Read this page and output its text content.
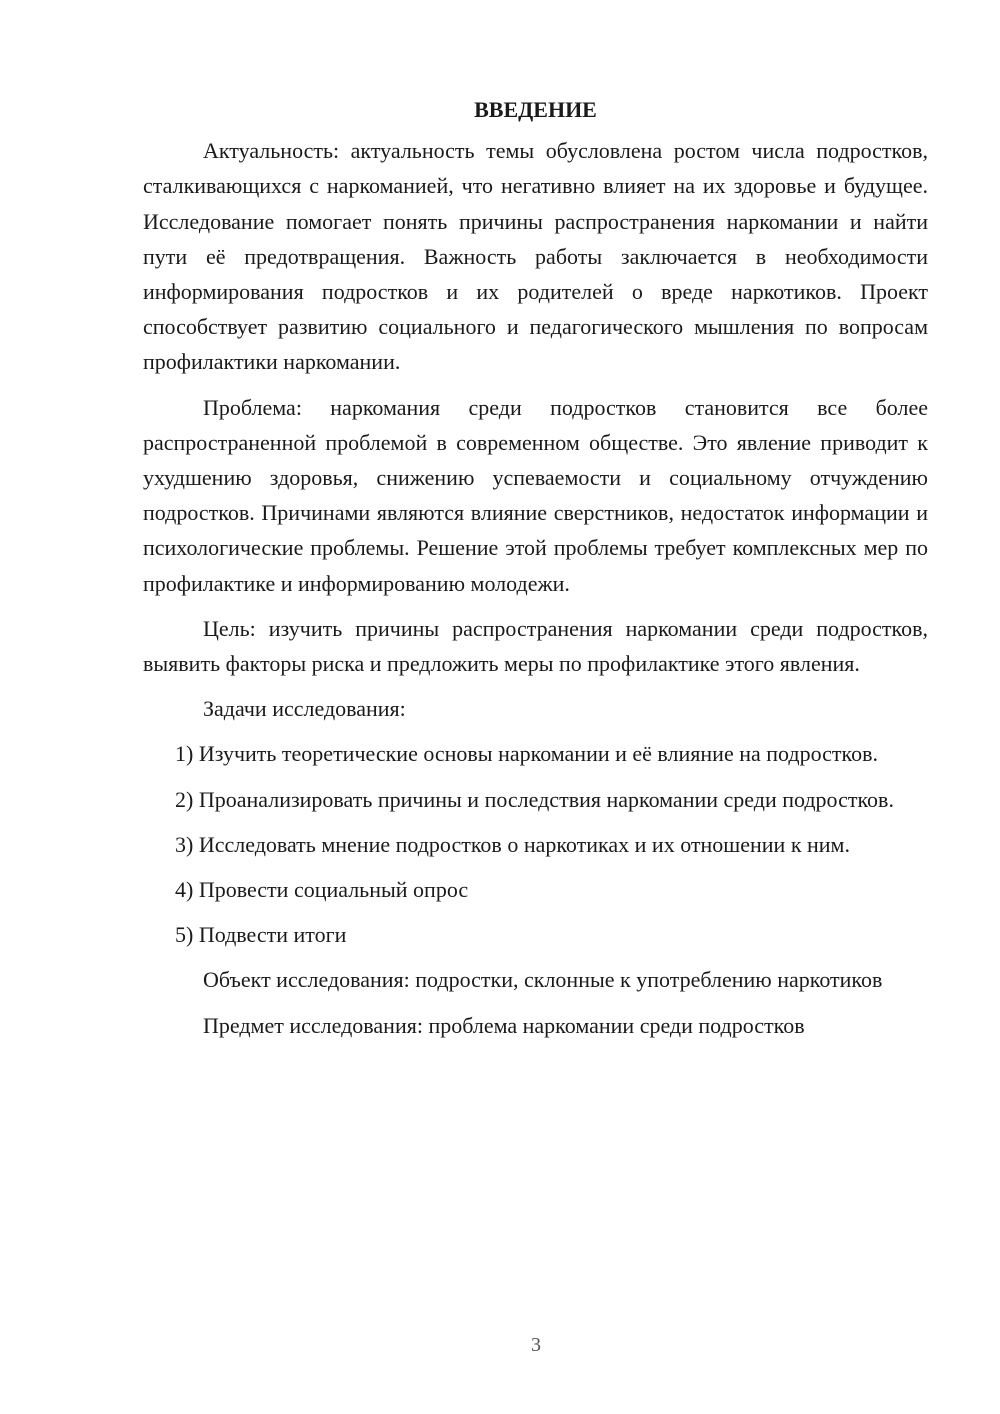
ВВЕДЕНИЕ

Актуальность: актуальность темы обусловлена ростом числа подростков, сталкивающихся с наркоманией, что негативно влияет на их здоровье и будущее. Исследование помогает понять причины распространения наркомании и найти пути её предотвращения. Важность работы заключается в необходимости информирования подростков и их родителей о вреде наркотиков. Проект способствует развитию социального и педагогического мышления по вопросам профилактики наркомании.

Проблема: наркомания среди подростков становится все более распространенной проблемой в современном обществе. Это явление приводит к ухудшению здоровья, снижению успеваемости и социальному отчуждению подростков. Причинами являются влияние сверстников, недостаток информации и психологические проблемы. Решение этой проблемы требует комплексных мер по профилактике и информированию молодежи.

Цель: изучить причины распространения наркомании среди подростков, выявить факторы риска и предложить меры по профилактике этого явления.

Задачи исследования:

1) Изучить теоретические основы наркомании и её влияние на подростков.

2) Проанализировать причины и последствия наркомании среди подростков.

3) Исследовать мнение подростков о наркотиках и их отношении к ним.

4) Провести социальный опрос

5) Подвести итоги

Объект исследования: подростки, склонные к употреблению наркотиков

Предмет исследования: проблема наркомании среди подростков

3
